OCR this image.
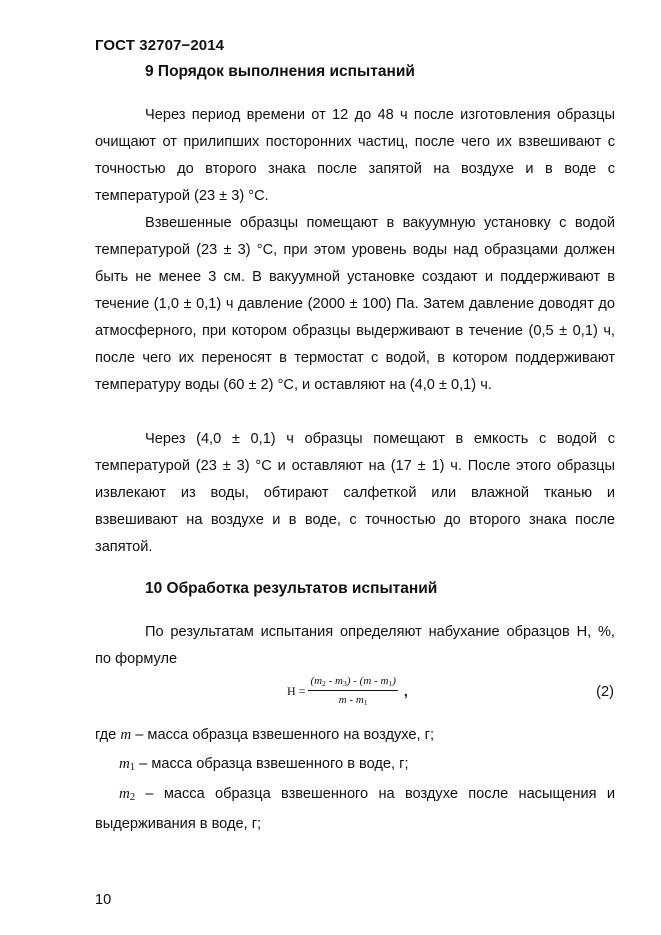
ГОСТ 32707−2014
9 Порядок выполнения испытаний

Через период времени от 12 до 48 ч после изготовления образцы очищают от прилипших посторонних частиц, после чего их взвешивают с точностью до второго знака после запятой на воздухе и в воде с температурой (23 ± 3) °С.

Взвешенные образцы помещают в вакуумную установку с водой температурой (23 ± 3) °С, при этом уровень воды над образцами должен быть не менее 3 см. В вакуумной установке создают и поддерживают в течение (1,0 ± 0,1) ч давление (2000 ± 100) Па. Затем давление доводят до атмосферного, при котором образцы выдерживают в течение (0,5 ± 0,1) ч, после чего их переносят в термостат с водой, в котором поддерживают температуру воды (60 ± 2) °С, и оставляют на (4,0 ± 0,1) ч.

Через (4,0 ± 0,1) ч образцы помещают в емкость с водой с температурой (23 ± 3) °С и оставляют на (17 ± 1) ч. После этого образцы извлекают из воды, обтирают салфеткой или влажной тканью и взвешивают на воздухе и в воде, с точностью до второго знака после запятой.

10 Обработка результатов испытаний

По результатам испытания определяют набухание образцов Н, %, по формуле

$Н = \frac{(m_2 - m_3) - (m - m_1)}{m - m_1}$ ,	(2)

где m – масса образца взвешенного на воздухе, г;

$m_1$ – масса образца взвешенного в воде, г;

$m_2$ – масса образца взвешенного на воздухе после насыщения и выдерживания в воде, г;

10
